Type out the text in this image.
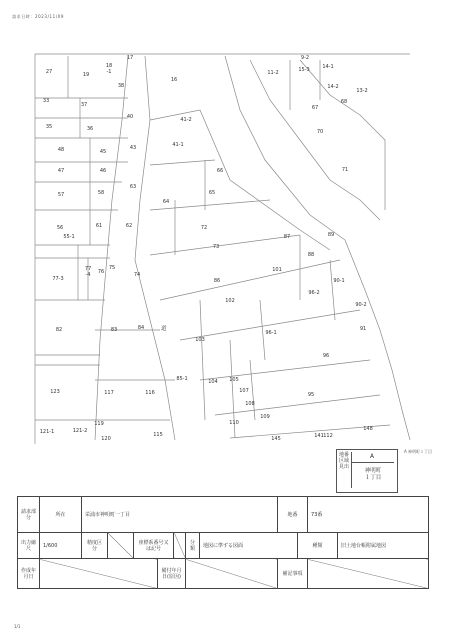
請求日時：2023/11/09
27	19
18 -1
17
16
33
37
38
35	36
40	41-2
11-2
9-2
15-3	14-1
14-2
13-2
67
68
70
71
41-1
43
48	45
47	46	66
57	58
63
64
65
62
56
55-1
61	72
87	89
88
73
101
77-3
77 -4 76
75
74
86	90-1
96-2
102
90-2
82	83	84
96-1
91
107
103
96
108
85-1	104 105
123	117	116	95
109
110
121-1	121-2
119
115
145	141
120	112
148
道
地番区域見出
A
神明町
１丁目
A 神明町１丁目
請求部分	所在	栄浦市神明町一丁目							地番		73番	
出力縮尺	1/600	精度区分		座標系番号又は記号			分類	地図に準ずる図面		種類		旧土地台帳附属地図
作成年月日					備付年月日(原因)				補記事項			
1/1
